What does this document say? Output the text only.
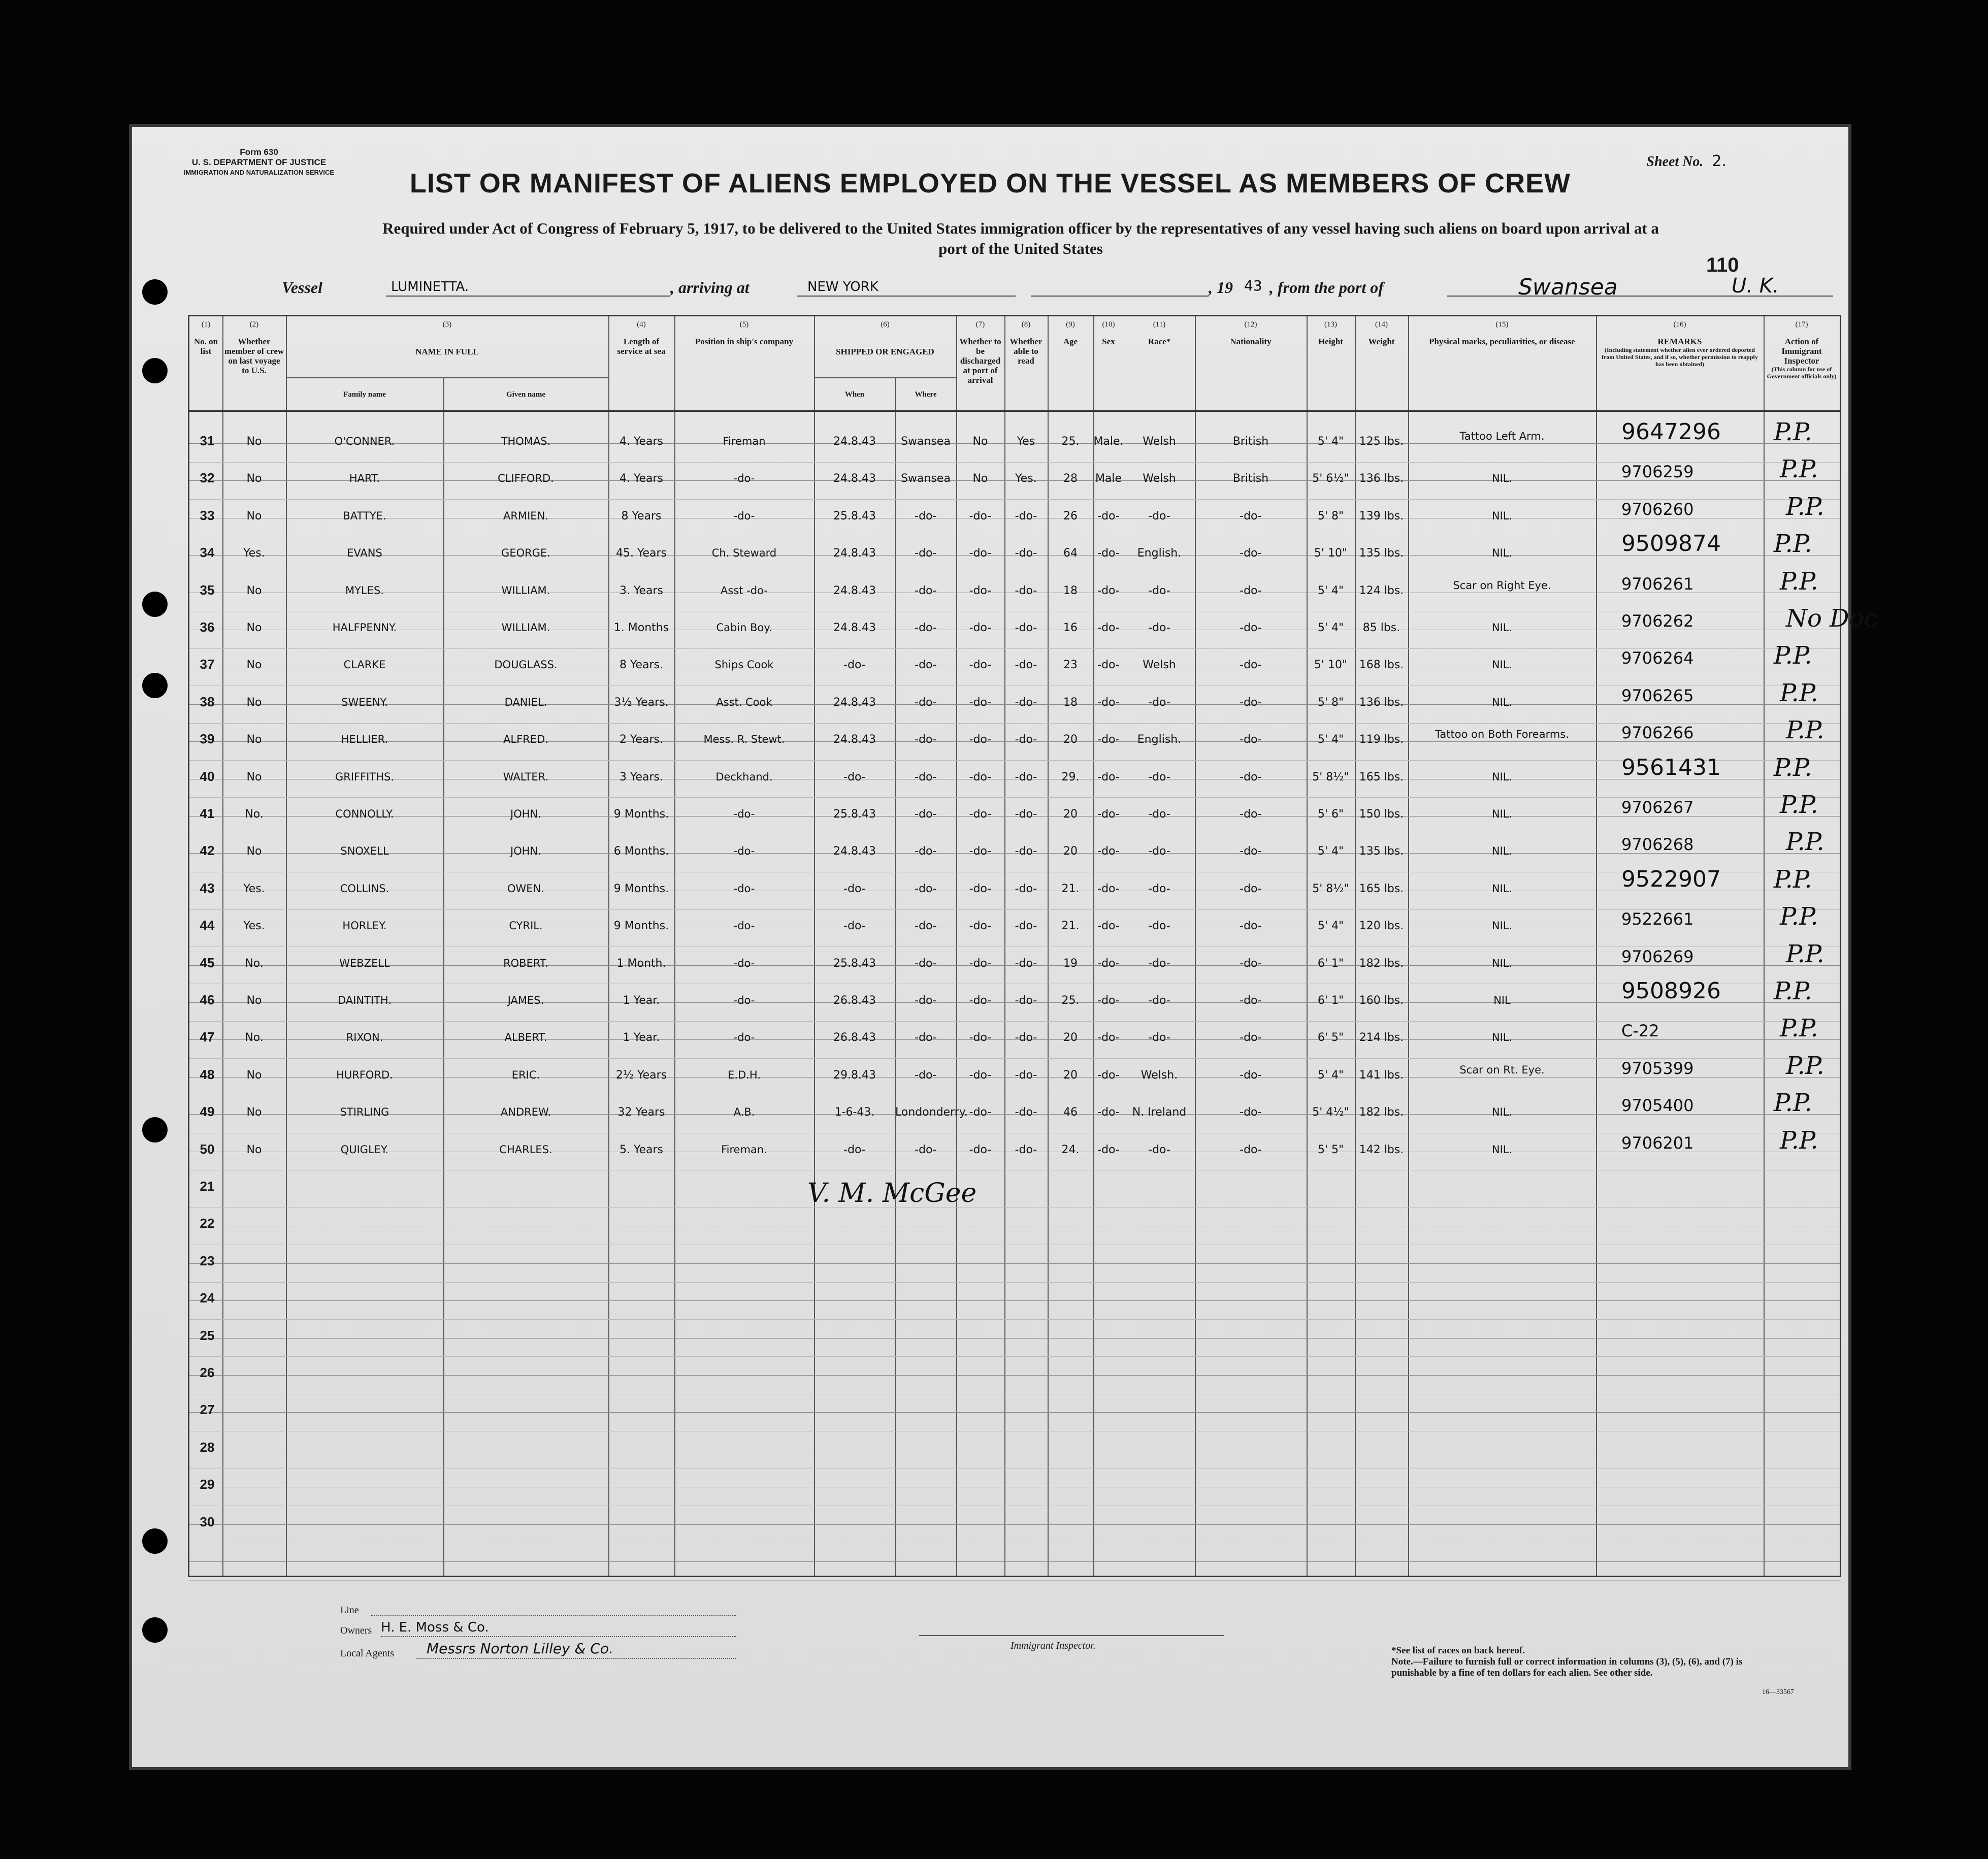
Form 630
U. S. DEPARTMENT OF JUSTICE
IMMIGRATION AND NATURALIZATION SERVICE
Sheet No. 2.
LIST OR MANIFEST OF ALIENS EMPLOYED ON THE VESSEL AS MEMBERS OF CREW
Required under Act of Congress of February 5, 1917, to be delivered to the United States immigration officer by the representatives of any vessel having such aliens on board upon arrival at a
port of the United States
110
Vessel	LUMINETTA.	, arriving at	NEW YORK	, 19 43 , from the port of	Swansea	U. K.
(1)
No. on list
(2)
Whether member of crew on last voyage to U.S.
(3)
NAME IN FULL
(4)
Length of service at sea
(5)
Position in ship's company
(6)
SHIPPED OR ENGAGED
(7)
Whether to be discharged at port of arrival
(8)
Whether able to read
(9)
Age
(10)
Sex
(11)
Race*
(12)
Nationality
(13)
Height
(14)
Weight
(15)
Physical marks, peculiarities, or disease
(16)
REMARKS
(Including statement whether alien ever ordered deported from United States, and if so, whether permission to reapply has been obtained)
(17)
Action of Immigrant Inspector
(This column for use of Government officials only)
Family name	Given name	When	Where
31	No	O'CONNER.	THOMAS.	4. Years	Fireman	24.8.43	Swansea	No	Yes	25.	Male.	Welsh	British	5' 4"	125 lbs.	Tattoo Left Arm.	9647296 P.P.
32	No	HART.	CLIFFORD.	4. Years	-do-	24.8.43	Swansea	No	Yes.	28	Male	Welsh	British	5' 6½" 136 lbs.	NIL.	9706259	P.P.
33	No	BATTYE.	ARMIEN.	8 Years	-do-	25.8.43	-do-	-do-	-do-	26	-do-	-do-	-do-	5' 8"	139 lbs.	NIL.	9706260	P.P.
34	Yes.	EVANS	GEORGE.	45. Years	Ch. Steward	24.8.43	-do-	-do-	-do-	64	-do-	English.	-do-	5' 10"	135 lbs.	NIL.	9509874 P.P.
35	No	MYLES.	WILLIAM.	3. Years	Asst -do-	24.8.43	-do-	-do-	-do-	18	-do-	-do-	-do-	5' 4"	124 lbs.	Scar on Right Eye.	9706261	P.P.
36	No	HALFPENNY.	WILLIAM.	1. Months	Cabin Boy.	24.8.43	-do-	-do-	-do-	16	-do-	-do-	-do-	5' 4"	85 lbs.	NIL.	9706262	No Doc
37	No	CLARKE	DOUGLASS.	8 Years.	Ships Cook	-do-	-do-	-do-	-do-	23	-do-	Welsh	-do-	5' 10"	168 lbs.	NIL.	9706264	P.P.
38	No	SWEENY.	DANIEL.	3½ Years.	Asst. Cook	24.8.43	-do-	-do-	-do-	18	-do-	-do-	-do-	5' 8"	136 lbs.	NIL.	9706265	P.P.
39	No	HELLIER.	ALFRED.	2 Years.	Mess. R. Stewt.	24.8.43	-do-	-do-	-do-	20	-do-	English.	-do-	5' 4"	119 lbs.	Tattoo on Both Forearms.	9706266	P.P.
40	No	GRIFFITHS.	WALTER.	3 Years.	Deckhand.	-do-	-do-	-do-	-do-	29.	-do-	-do-	-do-	5' 8½" 165 lbs.	NIL.	9561431 P.P.
41	No.	CONNOLLY.	JOHN.	9 Months.	-do-	25.8.43	-do-	-do-	-do-	20	-do-	-do-	-do-	5' 6"	150 lbs.	NIL.	9706267	P.P.
42	No	SNOXELL	JOHN.	6 Months.	-do-	24.8.43	-do-	-do-	-do-	20	-do-	-do-	-do-	5' 4"	135 lbs.	NIL.	9706268	P.P.
43	Yes.	COLLINS.	OWEN.	9 Months.	-do-	-do-	-do-	-do-	-do-	21.	-do-	-do-	-do-	5' 8½" 165 lbs.	NIL.	9522907 P.P.
44	Yes.	HORLEY.	CYRIL.	9 Months.	-do-	-do-	-do-	-do-	-do-	21.	-do-	-do-	-do-	5' 4"	120 lbs.	NIL.	9522661	P.P.
45	No.	WEBZELL	ROBERT.	1 Month.	-do-	25.8.43	-do-	-do-	-do-	19	-do-	-do-	-do-	6' 1"	182 lbs.	NIL.	9706269	P.P.
46	No	DAINTITH.	JAMES.	1 Year.	-do-	26.8.43	-do-	-do-	-do-	25.	-do-	-do-	-do-	6' 1"	160 lbs.	NIL	9508926 P.P.
47	No.	RIXON.	ALBERT.	1 Year.	-do-	26.8.43	-do-	-do-	-do-	20	-do-	-do-	-do-	6' 5"	214 lbs.	NIL.	C-22	P.P.
48	No	HURFORD.	ERIC.	2½ Years	E.D.H.	29.8.43	-do-	-do-	-do-	20	-do-	Welsh.	-do-	5' 4"	141 lbs.	Scar on Rt. Eye.	9705399	P.P.
49	No	STIRLING	ANDREW.	32 Years	A.B.	1-6-43.	Londonderry. -do-	-do-	46	-do-	N. Ireland	-do-	5' 4½" 182 lbs.	NIL.	9705400	P.P.
50	No	QUIGLEY.	CHARLES.	5. Years	Fireman.	-do-	-do-	-do-	-do-	24.	-do-	-do-	-do-	5' 5"	142 lbs.	NIL.	9706201	P.P.
21
22
23
24
25
26
27
28
29
30
V. M. McGee
Line
Owners H. E. Moss & Co.
Local Agents Messrs Norton Lilley & Co.	Immigrant Inspector.	*See list of races on back hereof.
Note.—Failure to furnish full or correct information in columns (3), (5), (6), and (7) is punishable by a fine of ten dollars for each alien. See other side.
16—33567
